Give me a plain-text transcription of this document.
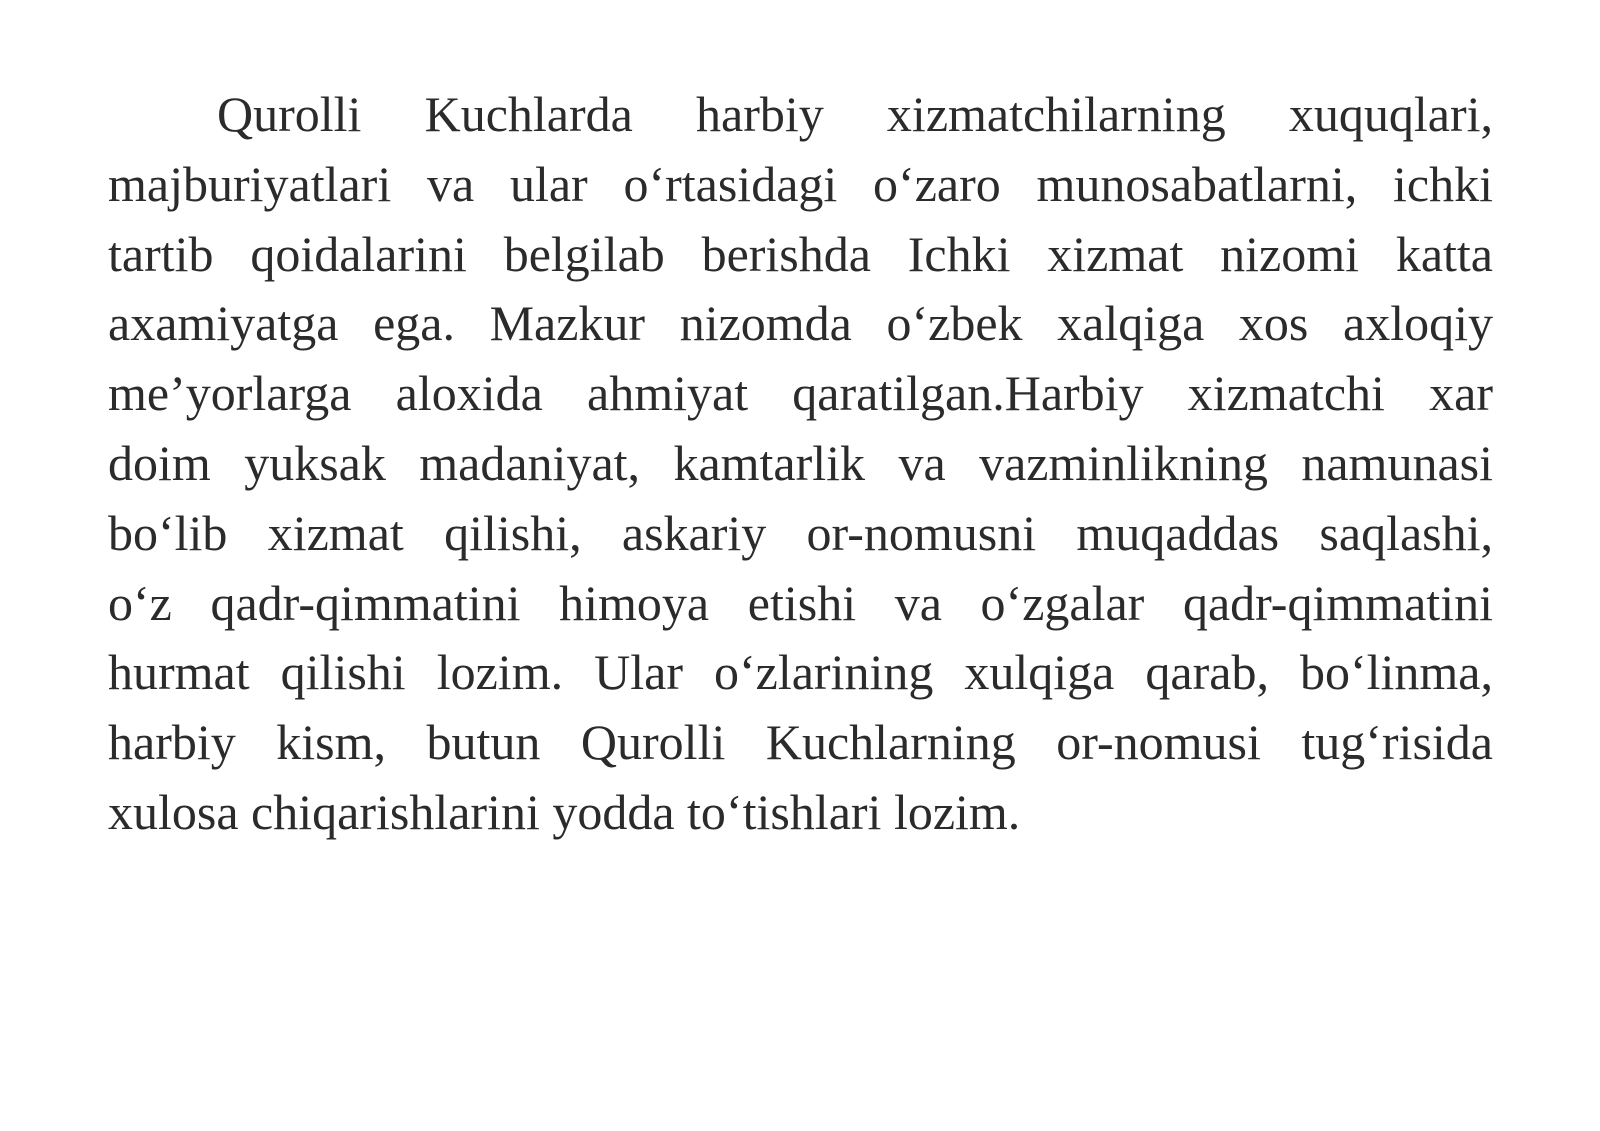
Qurolli Kuchlarda harbiy xizmatchilarning xuquqlari,
majburiyatlari va ular o‘rtasidagi o‘zaro munosabatlarni, ichki
tartib qoidalarini belgilab berishda Ichki xizmat nizomi katta
axamiyatga ega. Mazkur nizomda o‘zbek xalqiga xos axloqiy
me’yorlarga aloxida ahmiyat qaratilgan.Harbiy xizmatchi xar
doim yuksak madaniyat, kamtarlik va vazminlikning namunasi
bo‘lib xizmat qilishi, askariy or-nomusni muqaddas saqlashi,
o‘z qadr-qimmatini himoya etishi va o‘zgalar qadr-qimmatini
hurmat qilishi lozim. Ular o‘zlarining xulqiga qarab, bo‘linma,
harbiy kism, butun Qurolli Kuchlarning or-nomusi tug‘risida
xulosa chiqarishlarini yodda to‘tishlari lozim.
